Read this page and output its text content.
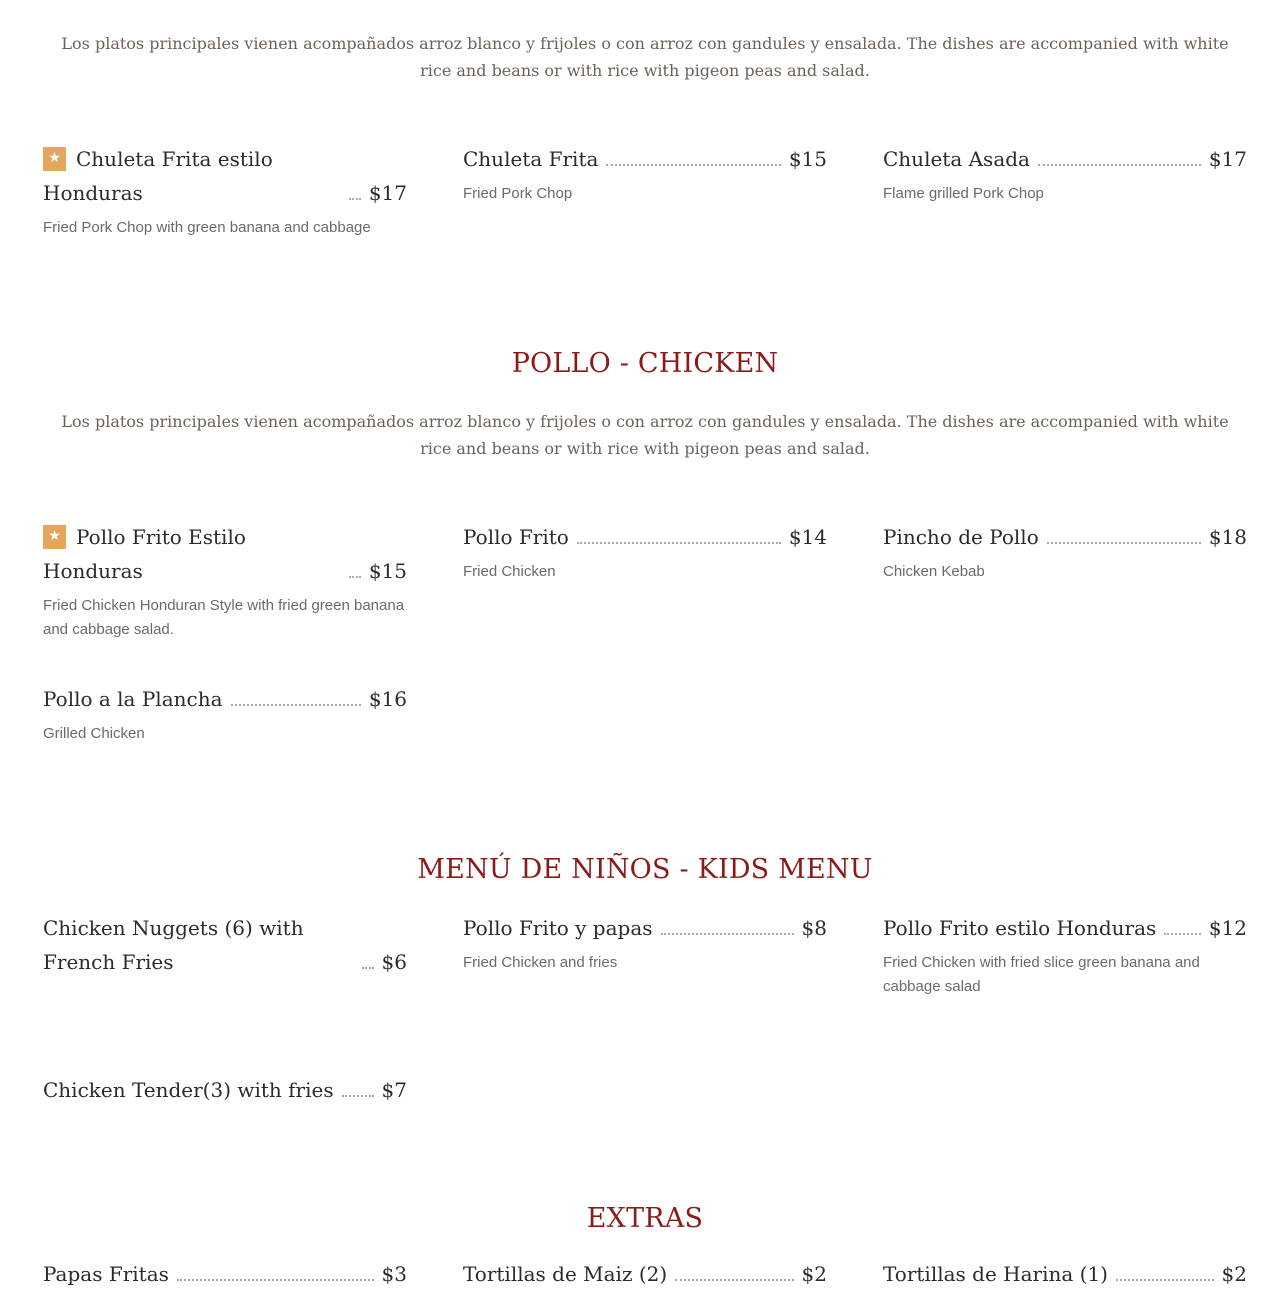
Los platos principales vienen acompañados arroz blanco y frijoles o con arroz con gandules y ensalada. The dishes are accompanied with white rice and beans or with rice with pigeon peas and salad.

★ Chuleta Frita estilo Honduras	$17
Fried Pork Chop with green banana and cabbage
Chuleta Frita	$15
Fried Pork Chop
Chuleta Asada	$17
Flame grilled Pork Chop
POLLO - CHICKEN

Los platos principales vienen acompañados arroz blanco y frijoles o con arroz con gandules y ensalada. The dishes are accompanied with white rice and beans or with rice with pigeon peas and salad.

★ Pollo Frito Estilo Honduras	$15
Fried Chicken Honduran Style with fried green banana and cabbage salad.
Pollo Frito	$14
Fried Chicken
Pincho de Pollo	$18
Chicken Kebab
Pollo a la Plancha	$16
Grilled Chicken
MENÚ DE NIÑOS - KIDS MENU
Chicken Nuggets (6) with French Fries	$6
Pollo Frito y papas	$8
Fried Chicken and fries
Pollo Frito estilo Honduras	$12
Fried Chicken with fried slice green banana and cabbage salad
Chicken Tender(3) with fries $7
EXTRAS
Papas Fritas	$3	Tortillas de Maiz (2)	$2	Tortillas de Harina (1)	$2
